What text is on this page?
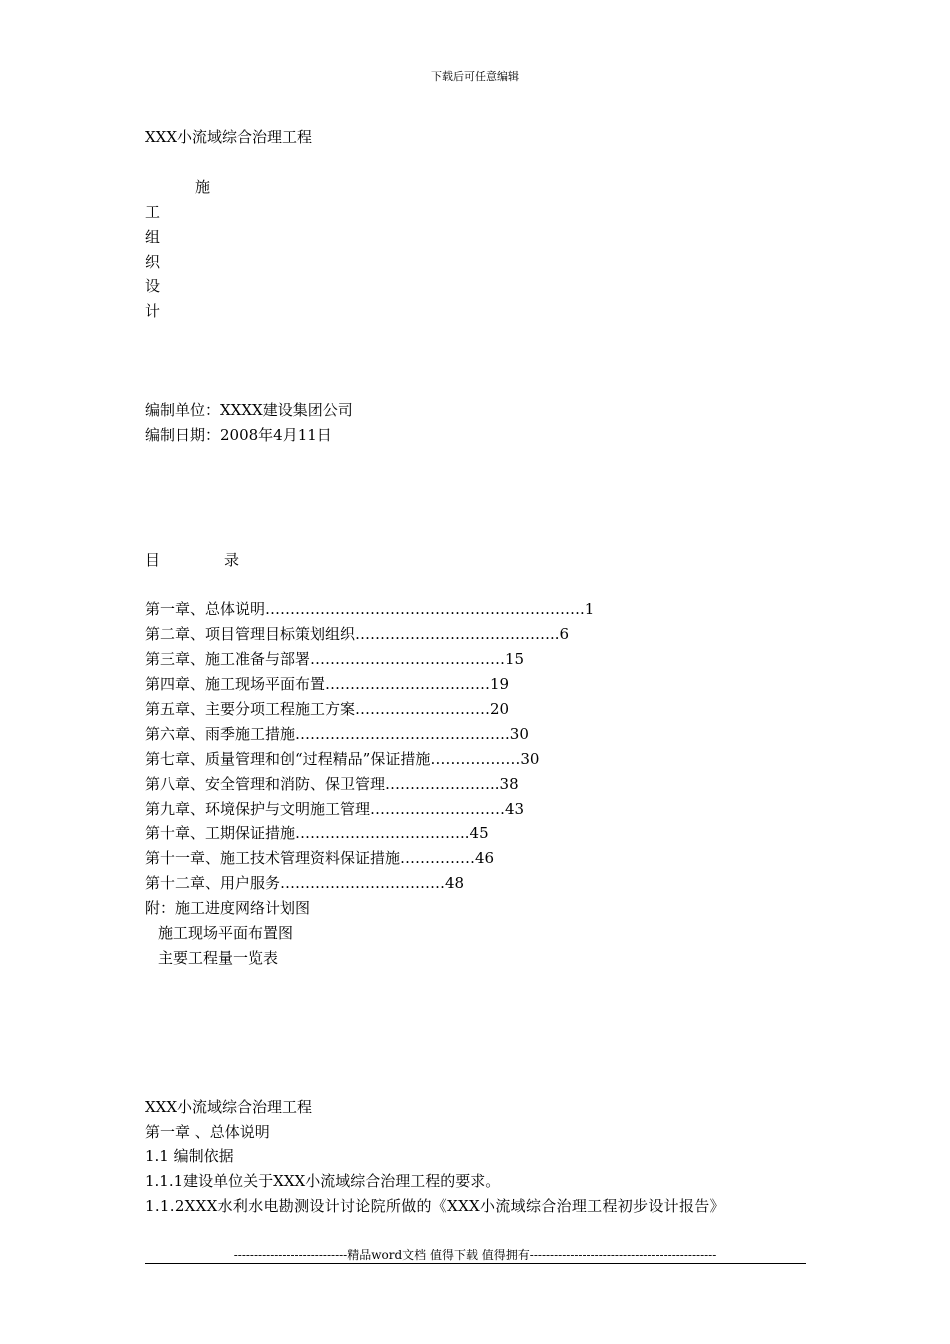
下载后可任意编辑
XXX小流域综合治理工程
施
工
组
织
设
计
编制单位：XXXX建设集团公司
编制日期：2008年4月11日
目	录
第一章、总体说明……………………………………………………….1
第二章、项目管理目标策划组织…………………………………..6
第三章、施工准备与部署…………………………………15
第四章、施工现场平面布置……………………………19
第五章、主要分项工程施工方案………………………20
第六章、雨季施工措施…………………………………….30
第七章、质量管理和创“过程精品”保证措施………………30
第八章、安全管理和消防、保卫管理…………………..38
第九章、环境保护与文明施工管理………………………43
第十章、工期保证措施……………………………..45
第十一章、施工技术管理资料保证措施……………46
第十二章、用户服务……………………………48
附：施工进度网络计划图
施工现场平面布置图
主要工程量一览表
XXX小流域综合治理工程
第一章 、总体说明
1.1 编制依据
1.1.1建设单位关于XXX小流域综合治理工程的要求。
1.1.2XXX水利水电勘测设计讨论院所做的《XXX小流域综合治理工程初步设计报告》
----------------------------精品word文档 值得下载 值得拥有----------------------------------------------
